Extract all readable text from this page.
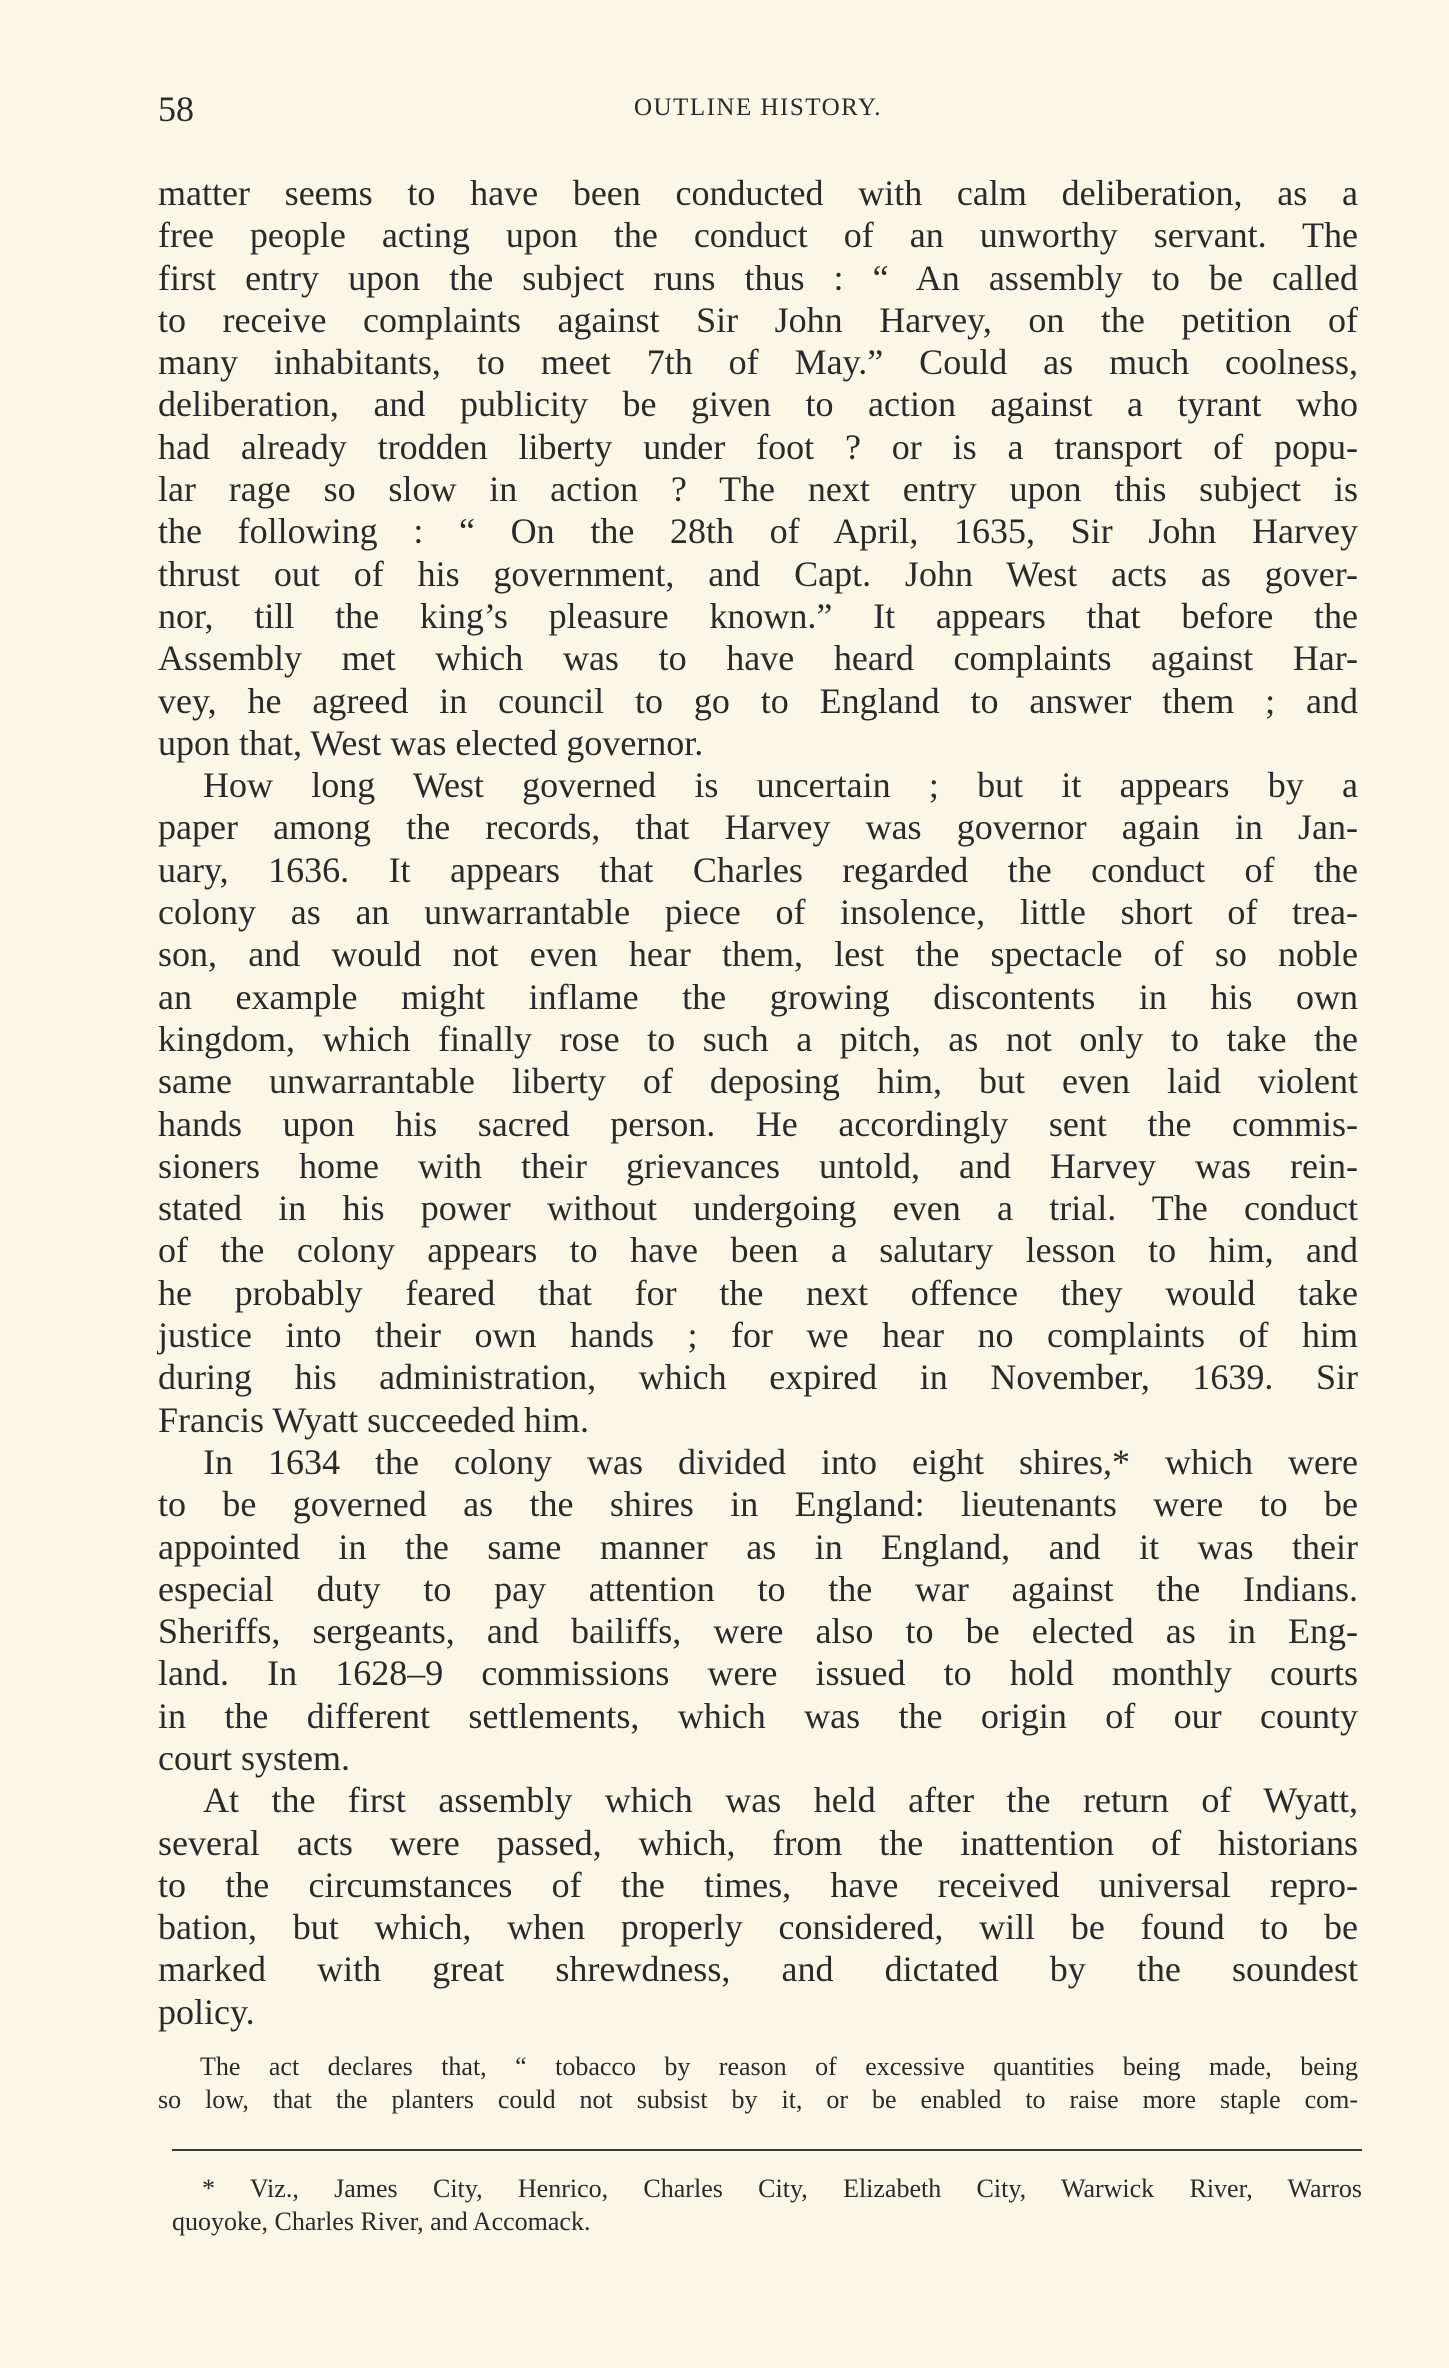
58	OUTLINE HISTORY.
matter seems to have been conducted with calm deliberation, as a
free people acting upon the conduct of an unworthy servant. The
first entry upon the subject runs thus : “ An assembly to be called
to receive complaints against Sir John Harvey, on the petition of
many inhabitants, to meet 7th of May.” Could as much coolness,
deliberation, and publicity be given to action against a tyrant who
had already trodden liberty under foot ? or is a transport of popu-
lar rage so slow in action ? The next entry upon this subject is
the following : “ On the 28th of April, 1635, Sir John Harvey
thrust out of his government, and Capt. John West acts as gover-
nor, till the king’s pleasure known.” It appears that before the
Assembly met which was to have heard complaints against Har-
vey, he agreed in council to go to England to answer them ; and
upon that, West was elected governor.
How long West governed is uncertain ; but it appears by a
paper among the records, that Harvey was governor again in Jan-
uary, 1636. It appears that Charles regarded the conduct of the
colony as an unwarrantable piece of insolence, little short of trea-
son, and would not even hear them, lest the spectacle of so noble
an example might inflame the growing discontents in his own
kingdom, which finally rose to such a pitch, as not only to take the
same unwarrantable liberty of deposing him, but even laid violent
hands upon his sacred person. He accordingly sent the commis-
sioners home with their grievances untold, and Harvey was rein-
stated in his power without undergoing even a trial. The conduct
of the colony appears to have been a salutary lesson to him, and
he probably feared that for the next offence they would take
justice into their own hands ; for we hear no complaints of him
during his administration, which expired in November, 1639. Sir
Francis Wyatt succeeded him.
In 1634 the colony was divided into eight shires,* which were
to be governed as the shires in England: lieutenants were to be
appointed in the same manner as in England, and it was their
especial duty to pay attention to the war against the Indians.
Sheriffs, sergeants, and bailiffs, were also to be elected as in Eng-
land. In 1628–9 commissions were issued to hold monthly courts
in the different settlements, which was the origin of our county
court system.
At the first assembly which was held after the return of Wyatt,
several acts were passed, which, from the inattention of historians
to the circumstances of the times, have received universal repro-
bation, but which, when properly considered, will be found to be
marked with great shrewdness, and dictated by the soundest
policy.
The act declares that, “ tobacco by reason of excessive quantities being made, being
so low, that the planters could not subsist by it, or be enabled to raise more staple com-
* Viz., James City, Henrico, Charles City, Elizabeth City, Warwick River, Warros
quoyoke, Charles River, and Accomack.
